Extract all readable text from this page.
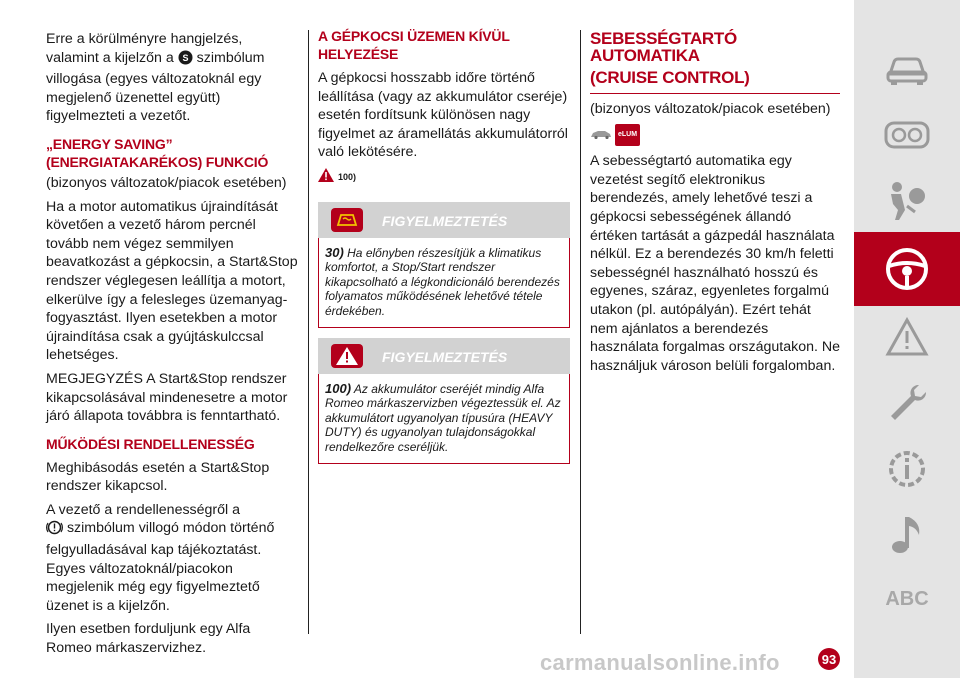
Erre a körülményre hangjelzés, valamint a kijelzőn a S szimbólum villogása (egyes változatoknál egy megjelenő üzenettel együtt) figyelmezteti a vezetőt.

„ENERGY SAVING”

(ENERGIATAKARÉKOS) FUNKCIÓ

(bizonyos változatok/piacok esetében)

Ha a motor automatikus újraindítását követően a vezető három percnél tovább nem végez semmilyen beavatkozást a gépkocsin, a Start&Stop rendszer véglegesen leállítja a motort, elkerülve így a felesleges üzemanyag-fogyasztást. Ilyen esetekben a motor újraindítása csak a gyújtáskulccsal lehetséges.

MEGJEGYZÉS A Start&Stop rendszer kikapcsolásával mindenesetre a motor járó állapota továbbra is fenntartható.

MŰKÖDÉSI RENDELLENESSÉG

Meghibásodás esetén a Start&Stop rendszer kikapcsol.

A vezető a rendellenességről a
szimbólum villogó módon történő felgyulladásával kap tájékoztatást. Egyes változatoknál/piacokon megjelenik még egy figyelmeztető üzenet is a kijelzőn.

Ilyen esetben forduljunk egy Alfa Romeo márkaszervizhez.

A GÉPKOCSI ÜZEMEN KÍVÜL

HELYEZÉSE

A gépkocsi hosszabb időre történő leállítása (vagy az akkumulátor cseréje) esetén fordítsunk különösen nagy figyelmet az áramellátás akkumulátorról való lekötésére.

100)
FIGYELMEZTETÉS
30) Ha előnyben részesítjük a klimatikus komfortot, a Stop/Start rendszer kikapcsolható a légkondicionáló berendezés folyamatos működésének lehetővé tétele érdekében.
FIGYELMEZTETÉS
100) Az akkumulátor cseréjét mindig Alfa Romeo márkaszervizben végeztessük el. Az akkumulátort ugyanolyan típusúra (HEAVY DUTY) és ugyanolyan tulajdonságokkal rendelkezőre cseréljük.

SEBESSÉGTARTÓ AUTOMATIKA

(CRUISE CONTROL)

(bizonyos változatok/piacok esetében)

eLUM

A sebességtartó automatika egy vezetést segítő elektronikus berendezés, amely lehetővé teszi a gépkocsi sebességének állandó értéken tartását a gázpedál használata nélkül. Ez a berendezés 30 km/h feletti sebességnél használható hosszú és egyenes, száraz, egyenletes forgalmú utakon (pl. autópályán). Ezért tehát nem ajánlatos a berendezés használata forgalmas országutakon. Ne használjuk városon belüli forgalomban.

ABC
carmanualsonline.info	93
